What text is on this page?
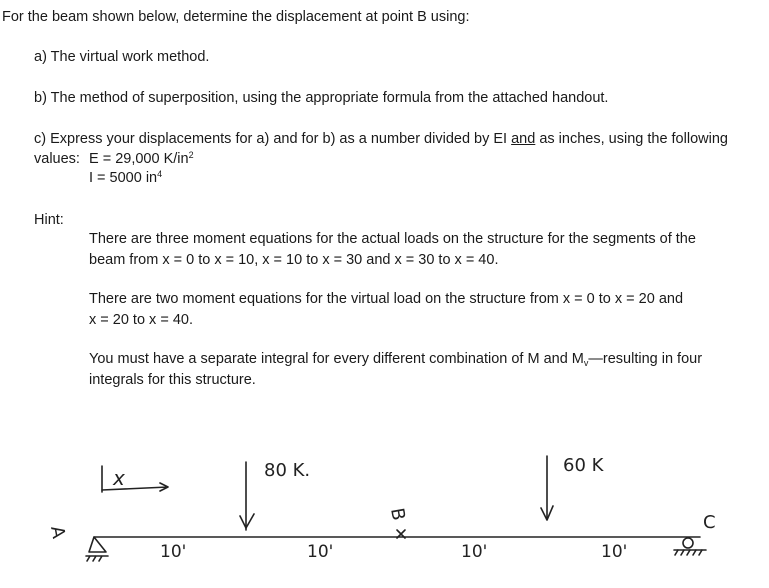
For the beam shown below, determine the displacement at point B using:
a) The virtual work method.
b) The method of superposition, using the appropriate formula from the attached handout.
c) Express your displacements for a) and for b) as a number divided by EI and as inches, using the following
values: E = 29,000 $K/in^2$
I = 5000 $in^4$
Hint:
There are three moment equations for the actual loads on the structure for the segments of the
beam from x = 0 to x = 10, x = 10 to x = 30 and x = 30 to x = 40.
There are two moment equations for the virtual load on the structure from x = 0 to x = 20 and
x = 20 to x = 40.
You must have a separate integral for every different combination of M and $M_v—resulting$ in four
integrals for this structure.
x	80 K.	60 K
A
B	C
10'	10'	10'	10'
